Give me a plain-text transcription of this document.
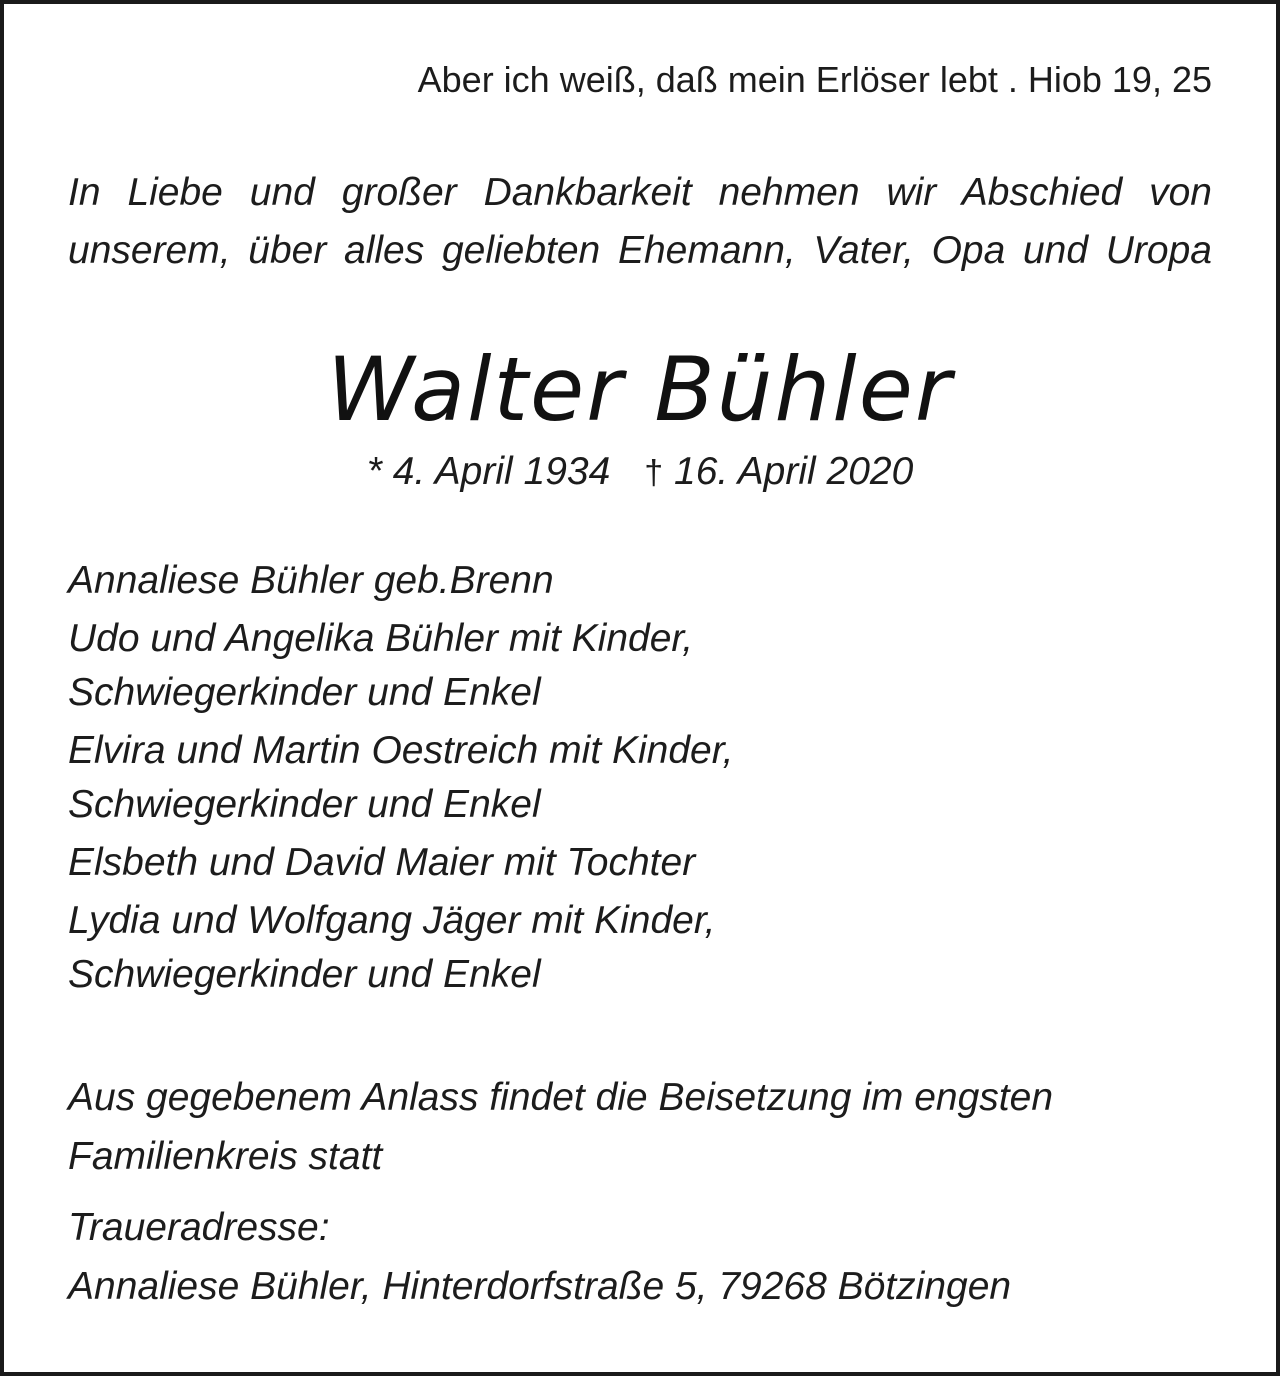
Aber ich weiß, daß mein Erlöser lebt . Hiob 19, 25
In Liebe und großer Dankbarkeit nehmen wir Abschied von
unserem, über alles geliebten Ehemann, Vater, Opa und Uropa
Walter Bühler
* 4. April 1934 † 16. April 2020
Annaliese Bühler geb.Brenn
Udo und Angelika Bühler mit Kinder,
Schwiegerkinder und Enkel
Elvira und Martin Oestreich mit Kinder,
Schwiegerkinder und Enkel
Elsbeth und David Maier mit Tochter
Lydia und Wolfgang Jäger mit Kinder,
Schwiegerkinder und Enkel
Aus gegebenem Anlass findet die Beisetzung im engsten
Familienkreis statt
Traueradresse:
Annaliese Bühler, Hinterdorfstraße 5, 79268 Bötzingen
